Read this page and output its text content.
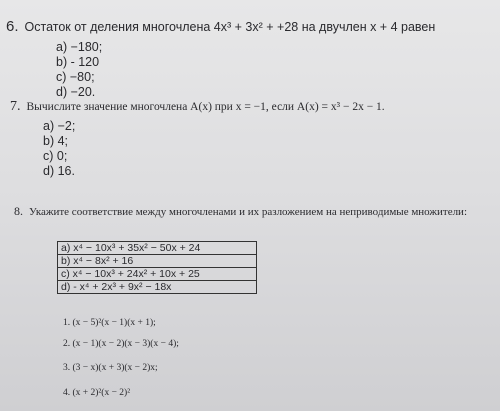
6. Остаток от деления многочлена 4x³ + 3x² + +28 на двучлен x + 4 равен
a) −180;
b) - 120
c) −80;
d) −20.
7. Вычислите значение многочлена A(x) при x = −1, если A(x) = x³ − 2x − 1.
a) −2;
b) 4;
c) 0;
d) 16.
8. Укажите соответствие между многочленами и их разложением на неприводимые множители:
a) x⁴ − 10x³ + 35x² − 50x + 24
b) x⁴ − 8x² + 16
c) x⁴ − 10x³ + 24x² + 10x + 25
d) - x⁴ + 2x³ + 9x² − 18x
1. (x − 5)²(x − 1)(x + 1);
2. (x − 1)(x − 2)(x − 3)(x − 4);
3. (3 − x)(x + 3)(x − 2)x;
4. (x + 2)²(x − 2)²
